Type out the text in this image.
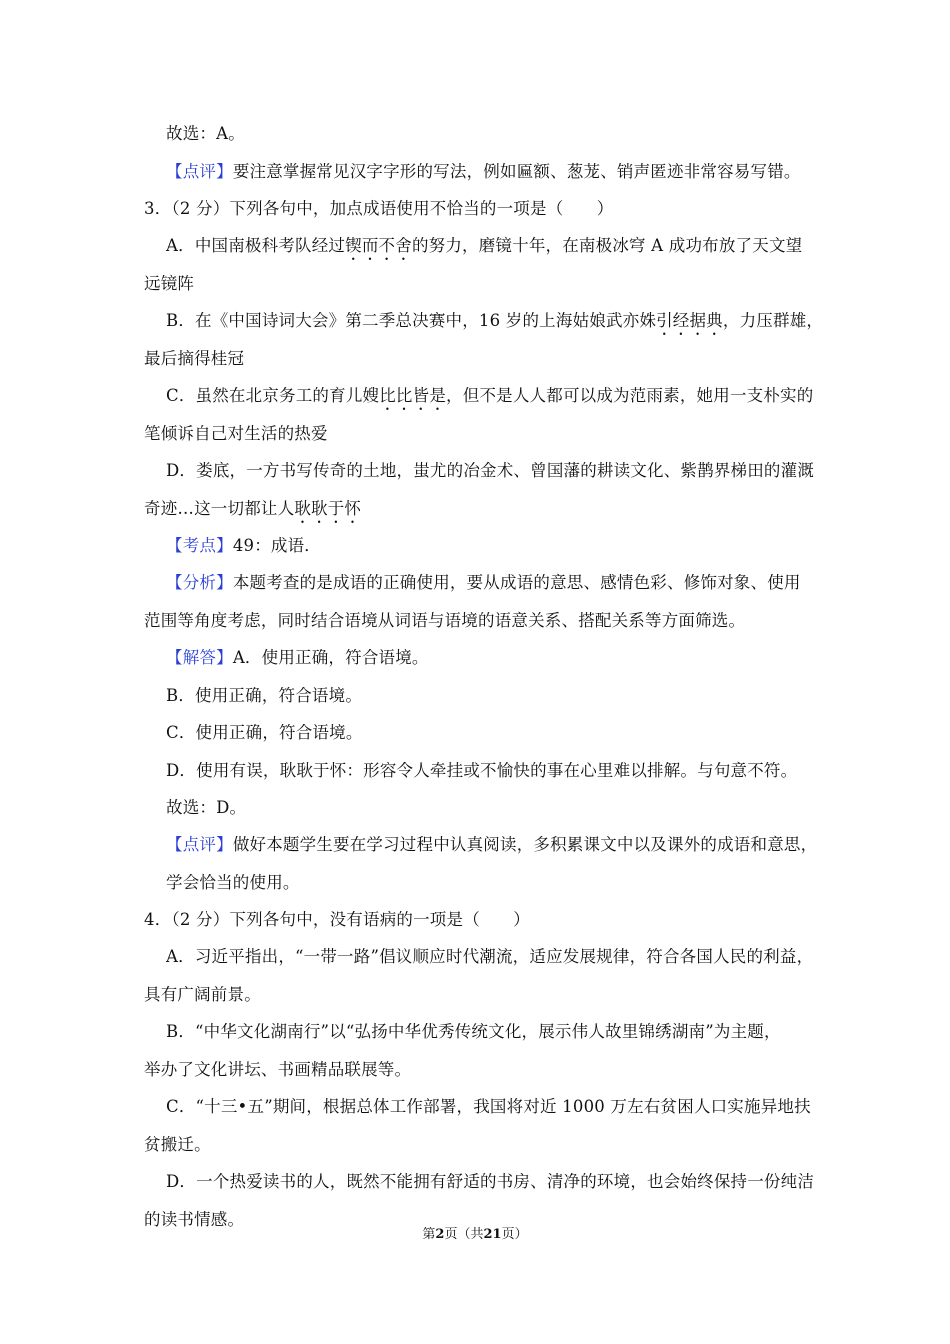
故选：A。
【点评】要注意掌握常见汉字字形的写法，例如匾额、葱茏、销声匿迹非常容易写错。
3．（2 分）下列各句中，加点成语使用不恰当的一项是（　　）
A．中国南极科考队经过锲而不舍的努力，磨镜十年，在南极冰穹 A 成功布放了天文望
远镜阵
B．在《中国诗词大会》第二季总决赛中，16 岁的上海姑娘武亦姝引经据典，力压群雄，
最后摘得桂冠
C．虽然在北京务工的育儿嫂比比皆是，但不是人人都可以成为范雨素，她用一支朴实的
笔倾诉自己对生活的热爱
D．娄底，一方书写传奇的土地，蚩尤的冶金术、曾国藩的耕读文化、紫鹊界梯田的灌溉
奇迹…这一切都让人耿耿于怀
【考点】49：成语．
【分析】本题考查的是成语的正确使用，要从成语的意思、感情色彩、修饰对象、使用
范围等角度考虑，同时结合语境从词语与语境的语意关系、搭配关系等方面筛选。
【解答】A．使用正确，符合语境。
B．使用正确，符合语境。
C．使用正确，符合语境。
D．使用有误，耿耿于怀：形容令人牵挂或不愉快的事在心里难以排解。与句意不符。
故选：D。
【点评】做好本题学生要在学习过程中认真阅读，多积累课文中以及课外的成语和意思，
学会恰当的使用。
4．（2 分）下列各句中，没有语病的一项是（　　）
A．习近平指出，“一带一路”倡议顺应时代潮流，适应发展规律，符合各国人民的利益，
具有广阔前景。
B．“中华文化湖南行”以“弘扬中华优秀传统文化，展示伟人故里锦绣湖南”为主题，
举办了文化讲坛、书画精品联展等。
C．“十三•五”期间，根据总体工作部署，我国将对近 1000 万左右贫困人口实施异地扶
贫搬迁。
D．一个热爱读书的人，既然不能拥有舒适的书房、清净的环境，也会始终保持一份纯洁
的读书情感。
第2页（共21页）
